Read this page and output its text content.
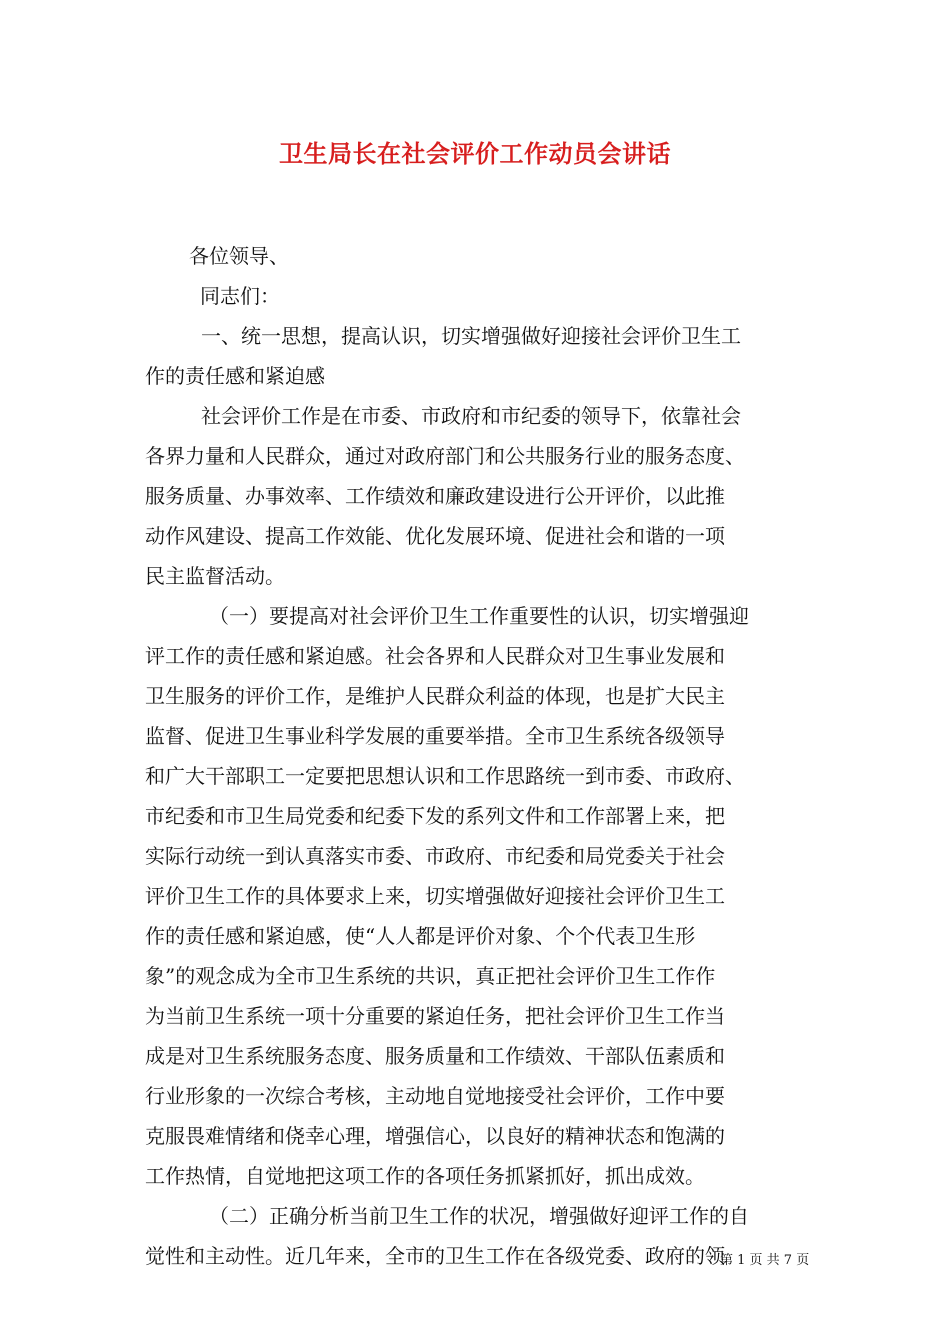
卫生局长在社会评价工作动员会讲话
各位领导、
同志们：
一、统一思想，提高认识，切实增强做好迎接社会评价卫生工
作的责任感和紧迫感
社会评价工作是在市委、市政府和市纪委的领导下，依靠社会
各界力量和人民群众，通过对政府部门和公共服务行业的服务态度、
服务质量、办事效率、工作绩效和廉政建设进行公开评价，以此推
动作风建设、提高工作效能、优化发展环境、促进社会和谐的一项
民主监督活动。
（一）要提高对社会评价卫生工作重要性的认识，切实增强迎
评工作的责任感和紧迫感。社会各界和人民群众对卫生事业发展和
卫生服务的评价工作，是维护人民群众利益的体现，也是扩大民主
监督、促进卫生事业科学发展的重要举措。全市卫生系统各级领导
和广大干部职工一定要把思想认识和工作思路统一到市委、市政府、
市纪委和市卫生局党委和纪委下发的系列文件和工作部署上来，把
实际行动统一到认真落实市委、市政府、市纪委和局党委关于社会
评价卫生工作的具体要求上来，切实增强做好迎接社会评价卫生工
作的责任感和紧迫感，使“人人都是评价对象、个个代表卫生形
象”的观念成为全市卫生系统的共识，真正把社会评价卫生工作作
为当前卫生系统一项十分重要的紧迫任务，把社会评价卫生工作当
成是对卫生系统服务态度、服务质量和工作绩效、干部队伍素质和
行业形象的一次综合考核，主动地自觉地接受社会评价，工作中要
克服畏难情绪和侥幸心理，增强信心，以良好的精神状态和饱满的
工作热情，自觉地把这项工作的各项任务抓紧抓好，抓出成效。
（二）正确分析当前卫生工作的状况，增强做好迎评工作的自
觉性和主动性。近几年来，全市的卫生工作在各级党委、政府的领
第 1 页 共 7 页
